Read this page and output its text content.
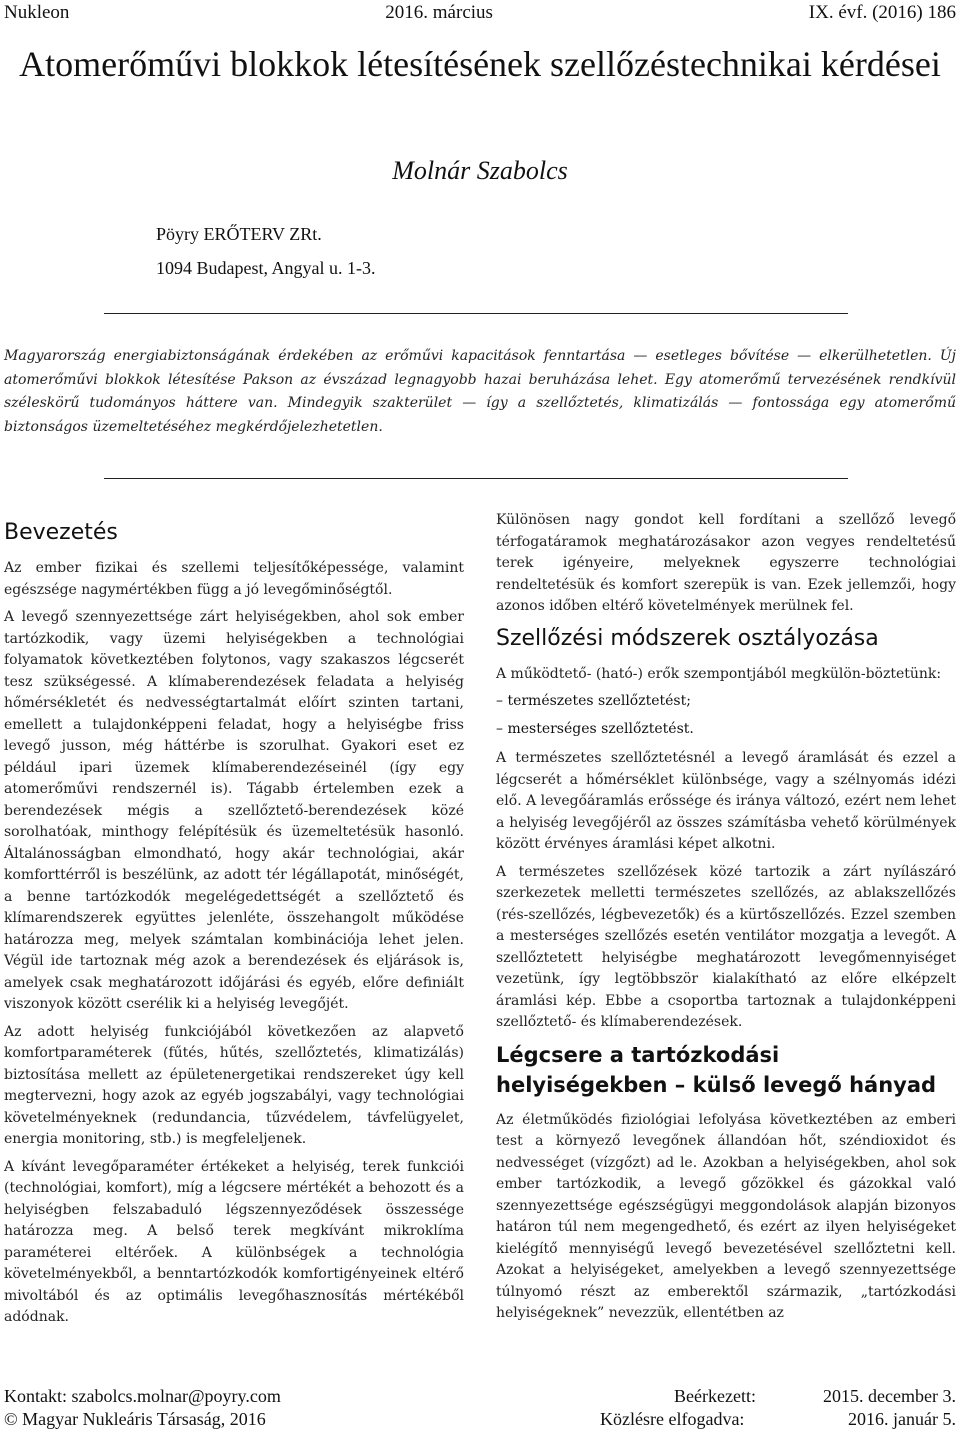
Nukleon	2016. március	IX. évf. (2016) 186
Atomerőművi blokkok létesítésének szellőzéstechnikai kérdései
Molnár Szabolcs
Pöyry ERŐTERV ZRt.
1094 Budapest, Angyal u. 1-3.

Magyarország energiabiztonságának érdekében az erőművi kapacitások fenntartása — esetleges bővítése — elkerülhetetlen. Új atomerőművi blokkok létesítése Pakson az évszázad legnagyobb hazai beruházása lehet. Egy atomerőmű tervezésének rendkívül széleskörű tudományos háttere van. Mindegyik szakterület — így a szellőztetés, klimatizálás — fontossága egy atomerőmű biztonságos üzemeltetéséhez megkérdőjelezhetetlen.

Bevezetés

Az ember fizikai és szellemi teljesítőképessége, valamint egészsége nagymértékben függ a jó levegőminőségtől.

A levegő szennyezettsége zárt helyiségekben, ahol sok ember tartózkodik, vagy üzemi helyiségekben a technológiai folyamatok következtében folytonos, vagy szakaszos légcserét tesz szükségessé. A klímaberendezések feladata a helyiség hőmérsékletét és nedvességtartalmát előírt szinten tartani, emellett a tulajdonképpeni feladat, hogy a helyiségbe friss levegő jusson, még háttérbe is szorulhat. Gyakori eset ez például ipari üzemek klímaberendezéseinél (így egy atomerőművi rendszernél is). Tágabb értelemben ezek a berendezések mégis a szellőztető-berendezések közé sorolhatóak, minthogy felépítésük és üzemeltetésük hasonló. Általánosságban elmondható, hogy akár technológiai, akár komforttérről is beszélünk, az adott tér légállapotát, minőségét, a benne tartózkodók megelégedettségét a szellőztető és klímarendszerek együttes jelenléte, összehangolt működése határozza meg, melyek számtalan kombinációja lehet jelen. Végül ide tartoznak még azok a berendezések és eljárások is, amelyek csak meghatározott időjárási és egyéb, előre definiált viszonyok között cserélik ki a helyiség levegőjét.

Az adott helyiség funkciójából következően az alapvető komfortparaméterek (fűtés, hűtés, szellőztetés, klimatizálás) biztosítása mellett az épületenergetikai rendszereket úgy kell megtervezni, hogy azok az egyéb jogszabályi, vagy technológiai követelményeknek (redundancia, tűzvédelem, távfelügyelet, energia monitoring, stb.) is megfeleljenek.

A kívánt levegőparaméter értékeket a helyiség, terek funkciói (technológiai, komfort), míg a légcsere mértékét a behozott és a helyiségben felszabaduló légszennyeződ​ések összessége határozza meg. A belső terek megkívánt mikroklíma paraméterei eltérőek. A különbségek a technológia követelményekből, a benntartózkodók komfortigényeinek eltérő mivoltából és az optimális levegőhasznosítás mértékéből adódnak.

Különösen nagy gondot kell fordítani a szellőző levegő térfogatáramok meghatározásakor azon vegyes rendeltetésű terek igényeire, melyeknek egyszerre technológiai rendeltetésük és komfort szerepük is van. Ezek jellemzői, hogy azonos időben eltérő követelmények merülnek fel.

Szellőzési módszerek osztályozása

A működtető- (ható-) erők szempontjából megkülön-böztetünk:

– természetes szellőztetést;
– mesterséges szellőztetést.

A természetes szellőztetésnél a levegő áramlását és ezzel a légcserét a hőmérséklet különbsége, vagy a szélnyomás idézi elő. A levegőáramlás erőssége és iránya változó, ezért nem lehet a helyiség levegőjéről az összes számításba vehető körülmények között érvényes áramlási képet alkotni.

A természetes szellőzések közé tartozik a zárt nyílászáró szerkezetek melletti természetes szellőzés, az ablakszellőzés (rés-szellőzés, légbevezetők) és a kürtőszellőzés. Ezzel szemben a mesterséges szellőzés esetén ventilátor mozgatja a levegőt. A szellőztetett helyiségbe meghatározott levegőmennyiséget vezetünk, így legtöbbször kialakítható az előre elképzelt áramlási kép. Ebbe a csoportba tartoznak a tulajdonképpeni szellőztető- és klímaberendezések.

Légcsere a tartózkodási helyiségekben – külső levegő hányad

Az életműködés fiziológiai lefolyása következtében az emberi test a környező levegőnek állandóan hőt, széndioxidot és nedvességet (vízgőzt) ad le. Azokban a helyiségekben, ahol sok ember tartózkodik, a levegő gőzökkel és gázokkal való szennyezettsége egészségügyi meggondolások alapján bizonyos határon túl nem megengedhető, és ezért az ilyen helyiségeket kielégítő mennyiségű levegő bevezetésével szellőztetni kell. Azokat a helyiségeket, amelyekben a levegő szennyezettsége túlnyomó részt az emberektől származik, „tartózkodási helyiségeknek” nevezzük, ellentétben az

Kontakt: szabolcs.molnar@poyry.com	Beérkezett:	2015. december 3.
© Magyar Nukleáris Társaság, 2016	Közlésre elfogadva:	2016. január 5.
